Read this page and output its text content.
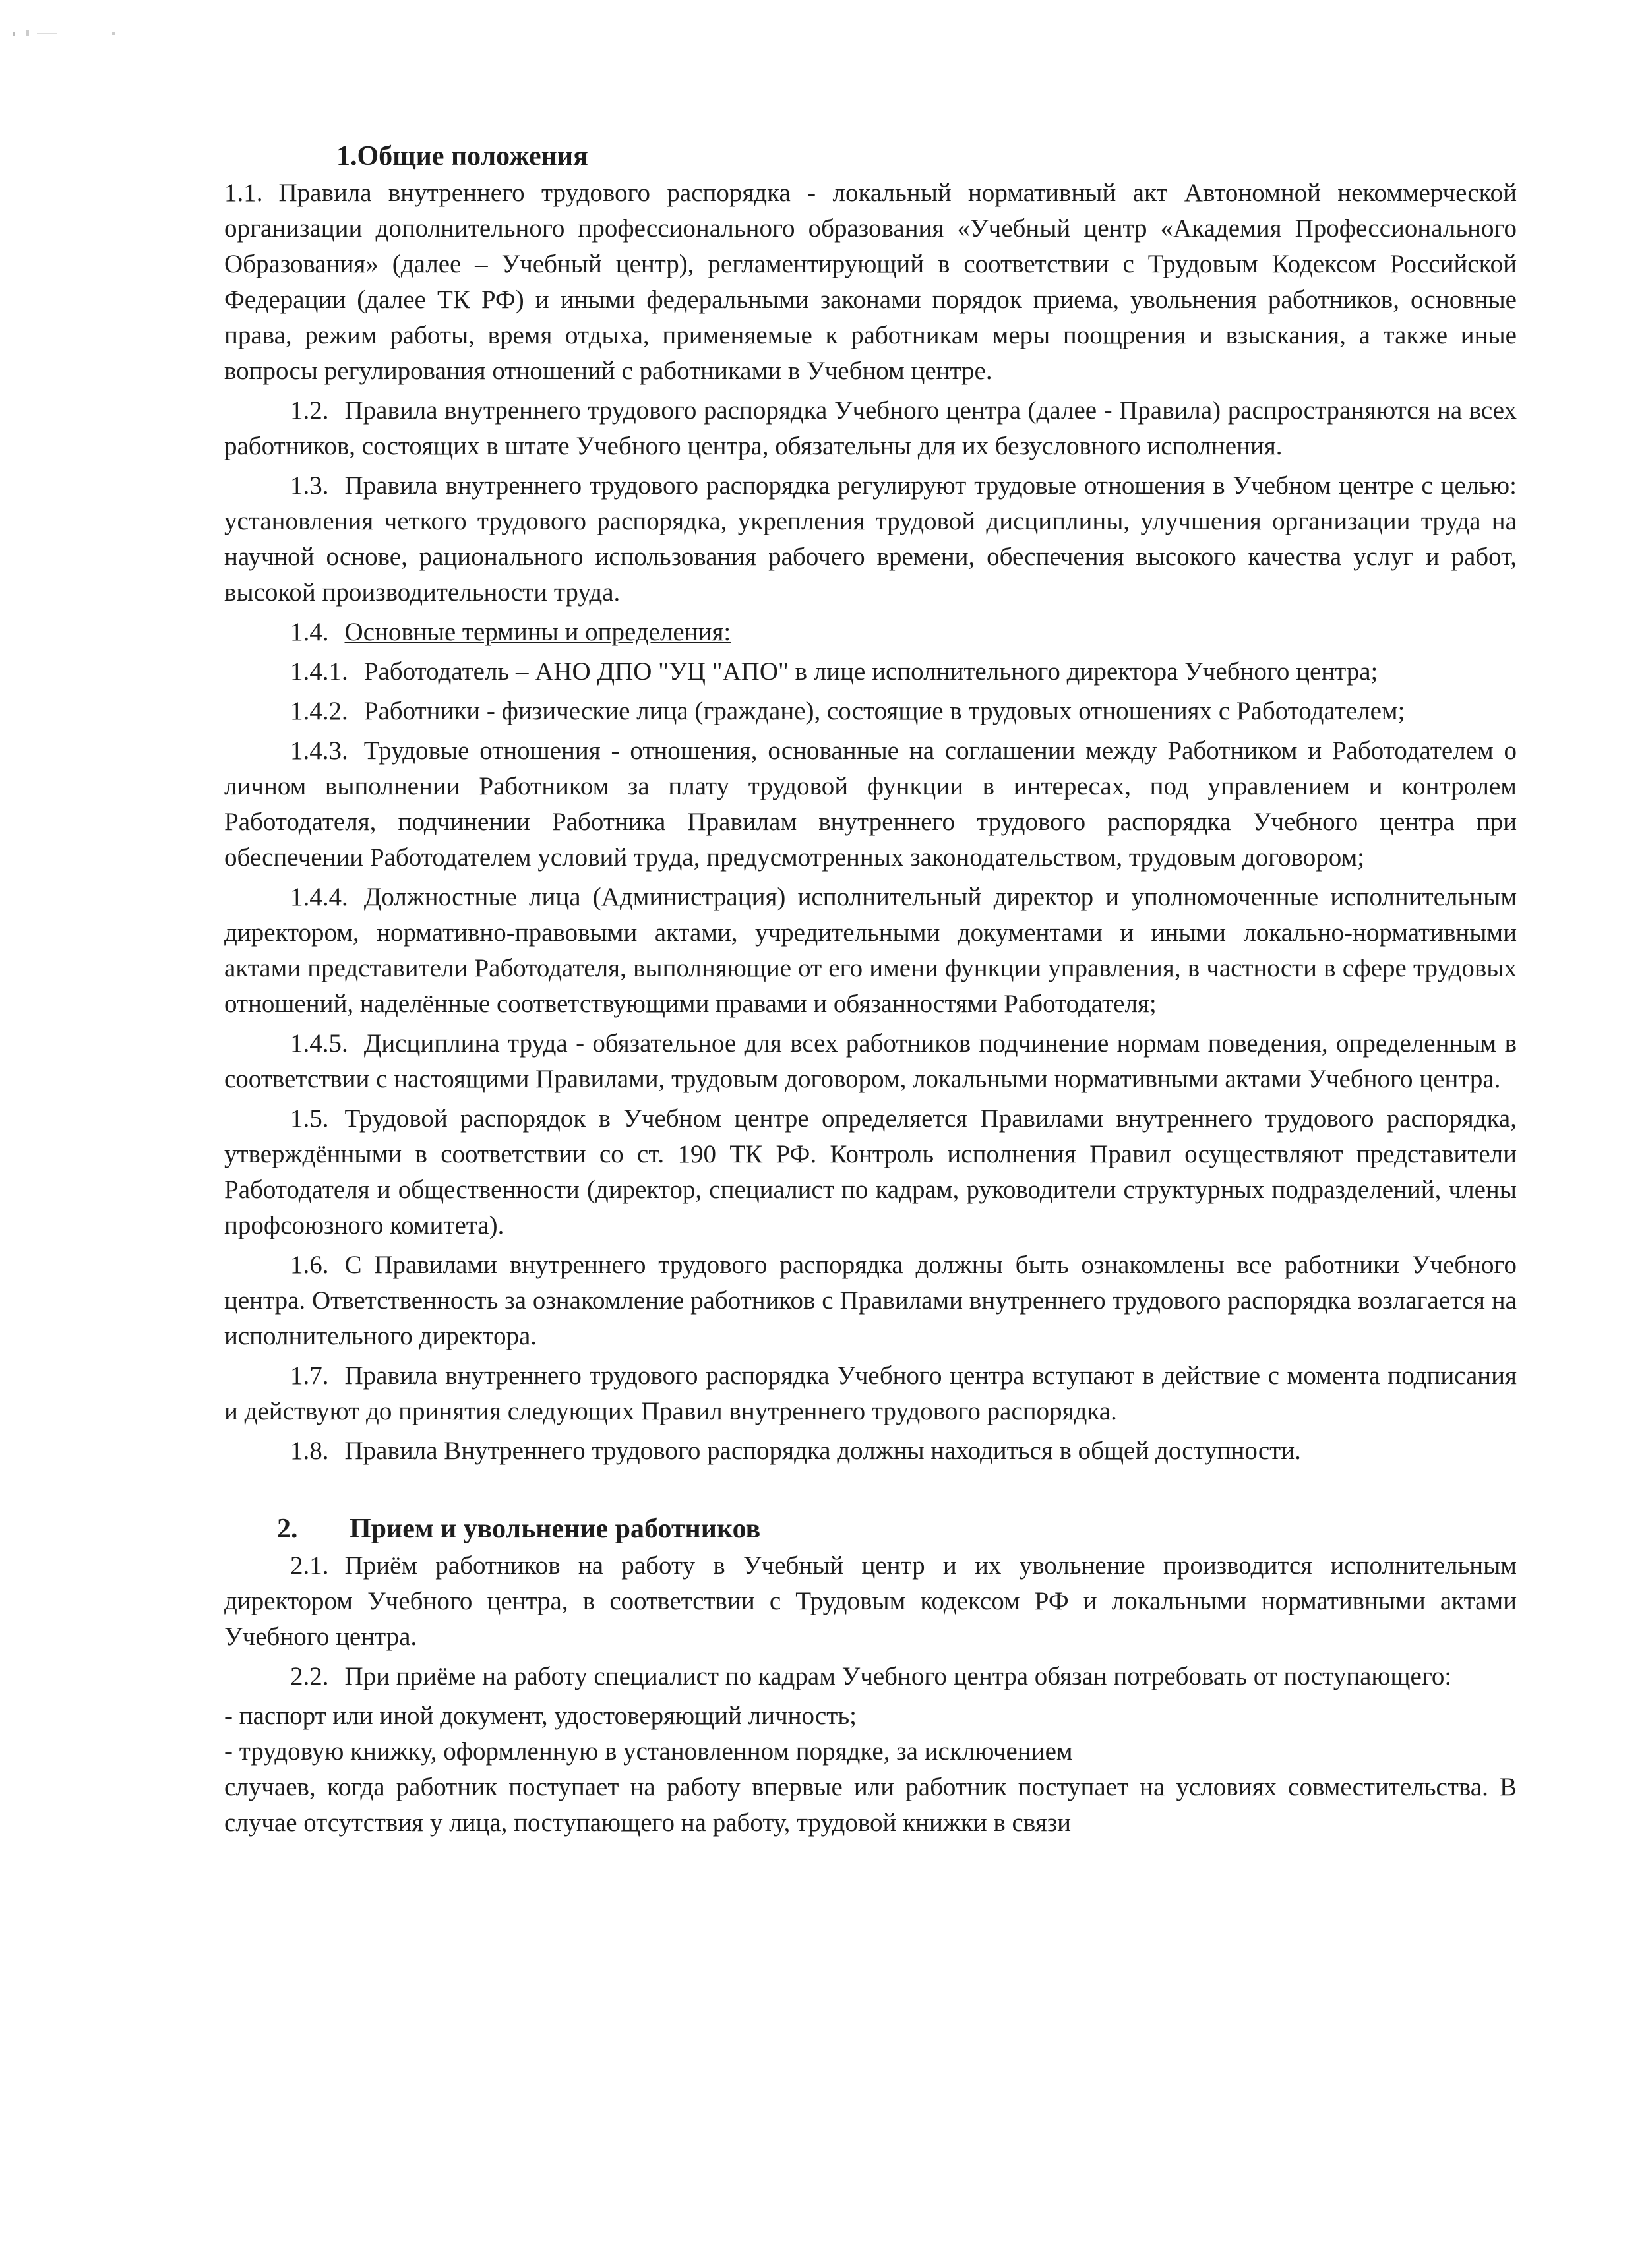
1.Общие положения

1.1. Правила внутреннего трудового распорядка - локальный нормативный акт Автономной некоммерческой организации дополнительного профессионального образования «Учебный центр «Академия Профессионального Образования» (далее – Учебный центр), регламентирующий в соответствии с Трудовым Кодексом Российской Федерации (далее ТК РФ) и иными федеральными законами порядок приема, увольнения работников, основные права, режим работы, время отдыха, применяемые к работникам меры поощрения и взыскания, а также иные вопросы регулирования отношений с работниками в Учебном центре.

1.2. Правила внутреннего трудового распорядка Учебного центра (далее - Правила) распространяются на всех работников, состоящих в штате Учебного центра, обязательны для их безусловного исполнения.

1.3. Правила внутреннего трудового распорядка регулируют трудовые отношения в Учебном центре с целью: установления четкого трудового распорядка, укрепления трудовой дисциплины, улучшения организации труда на научной основе, рационального использования рабочего времени, обеспечения высокого качества услуг и работ, высокой производительности труда.

1.4. Основные термины и определения:

1.4.1. Работодатель – АНО ДПО "УЦ "АПО" в лице исполнительного директора Учебного центра;

1.4.2. Работники - физические лица (граждане), состоящие в трудовых отношениях с Работодателем;

1.4.3. Трудовые отношения - отношения, основанные на соглашении между Работником и Работодателем о личном выполнении Работником за плату трудовой функции в интересах, под управлением и контролем Работодателя, подчинении Работника Правилам внутреннего трудового распорядка Учебного центра при обеспечении Работодателем условий труда, предусмотренных законодательством, трудовым договором;

1.4.4. Должностные лица (Администрация) исполнительный директор и уполномоченные исполнительным директором, нормативно-правовыми актами, учредительными документами и иными локально-нормативными актами представители Работодателя, выполняющие от его имени функции управления, в частности в сфере трудовых отношений, наделённые соответствующими правами и обязанностями Работодателя;

1.4.5. Дисциплина труда - обязательное для всех работников подчинение нормам поведения, определенным в соответствии с настоящими Правилами, трудовым договором, локальными нормативными актами Учебного центра.

1.5. Трудовой распорядок в Учебном центре определяется Правилами внутреннего трудового распорядка, утверждёнными в соответствии со ст. 190 ТК РФ. Контроль исполнения Правил осуществляют представители Работодателя и общественности (директор, специалист по кадрам, руководители структурных подразделений, члены профсоюзного комитета).

1.6. С Правилами внутреннего трудового распорядка должны быть ознакомлены все работники Учебного центра. Ответственность за ознакомление работников с Правилами внутреннего трудового распорядка возлагается на исполнительного директора.

1.7. Правила внутреннего трудового распорядка Учебного центра вступают в действие с момента подписания и действуют до принятия следующих Правил внутреннего трудового распорядка.

1.8. Правила Внутреннего трудового распорядка должны находиться в общей доступности.

2. Прием и увольнение работников

2.1. Приём работников на работу в Учебный центр и их увольнение производится исполнительным директором Учебного центра, в соответствии с Трудовым кодексом РФ и локальными нормативными актами Учебного центра.

2.2. При приёме на работу специалист по кадрам Учебного центра обязан потребовать от поступающего:

- паспорт или иной документ, удостоверяющий личность;

- трудовую книжку, оформленную в установленном порядке, за исключением

случаев, когда работник поступает на работу впервые или работник поступает на условиях совместительства. В случае отсутствия у лица, поступающего на работу, трудовой книжки в связи
